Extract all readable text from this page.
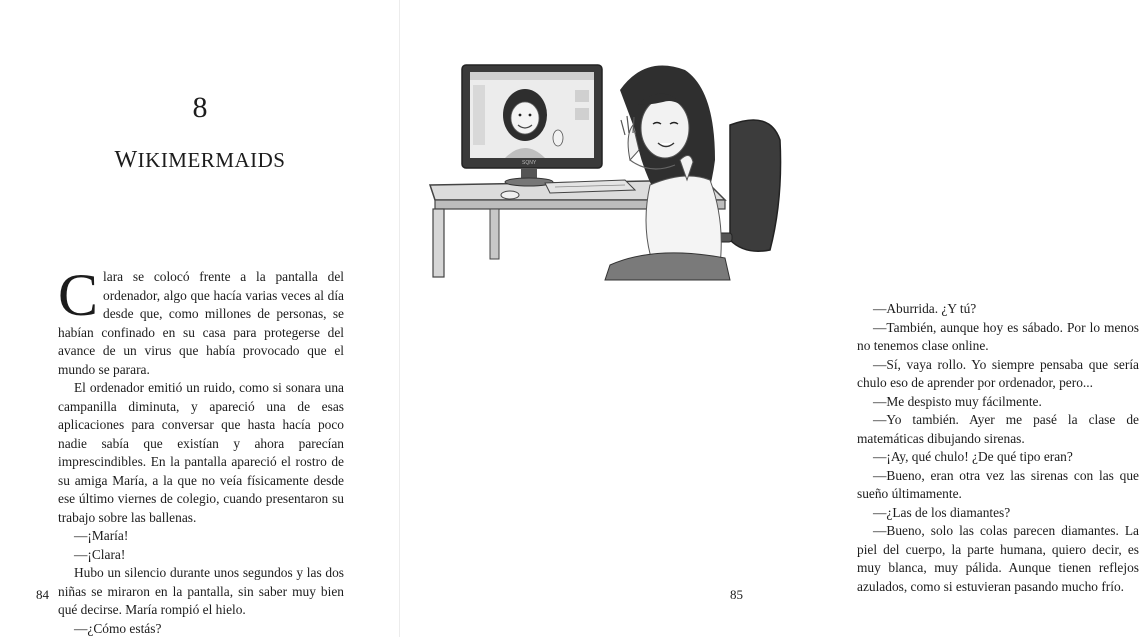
8
WIKIMERMAIDS

Clara se colocó frente a la pantalla del ordenador, algo que hacía varias veces al día desde que, como millones de personas, se habían confinado en su casa para protegerse del avance de un virus que había provocado que el mundo se parara.

El ordenador emitió un ruido, como si sonara una campanilla diminuta, y apareció una de esas aplicaciones para conversar que hasta hacía poco nadie sabía que existían y ahora parecían imprescindibles. En la pantalla apareció el rostro de su amiga María, a la que no veía físicamente desde ese último viernes de colegio, cuando presentaron su trabajo sobre las ballenas.

—¡María!

—¡Clara!

Hubo un silencio durante unos segundos y las dos niñas se miraron en la pantalla, sin saber muy bien qué decirse. María rompió el hielo.

—¿Cómo estás?

84

—Aburrida. ¿Y tú?

—También, aunque hoy es sábado. Por lo menos no tenemos clase online.

—Sí, vaya rollo. Yo siempre pensaba que sería chulo eso de aprender por ordenador, pero...

—Me despisto muy fácilmente.

—Yo también. Ayer me pasé la clase de matemáticas dibujando sirenas.

—¡Ay, qué chulo! ¿De qué tipo eran?

—Bueno, eran otra vez las sirenas con las que sueño últimamente.

—¿Las de los diamantes?

—Bueno, solo las colas parecen diamantes. La piel del cuerpo, la parte humana, quiero decir, es muy blanca, muy pálida. Aunque tienen reflejos azulados, como si estuvieran pasando mucho frío.

85
SQNY
